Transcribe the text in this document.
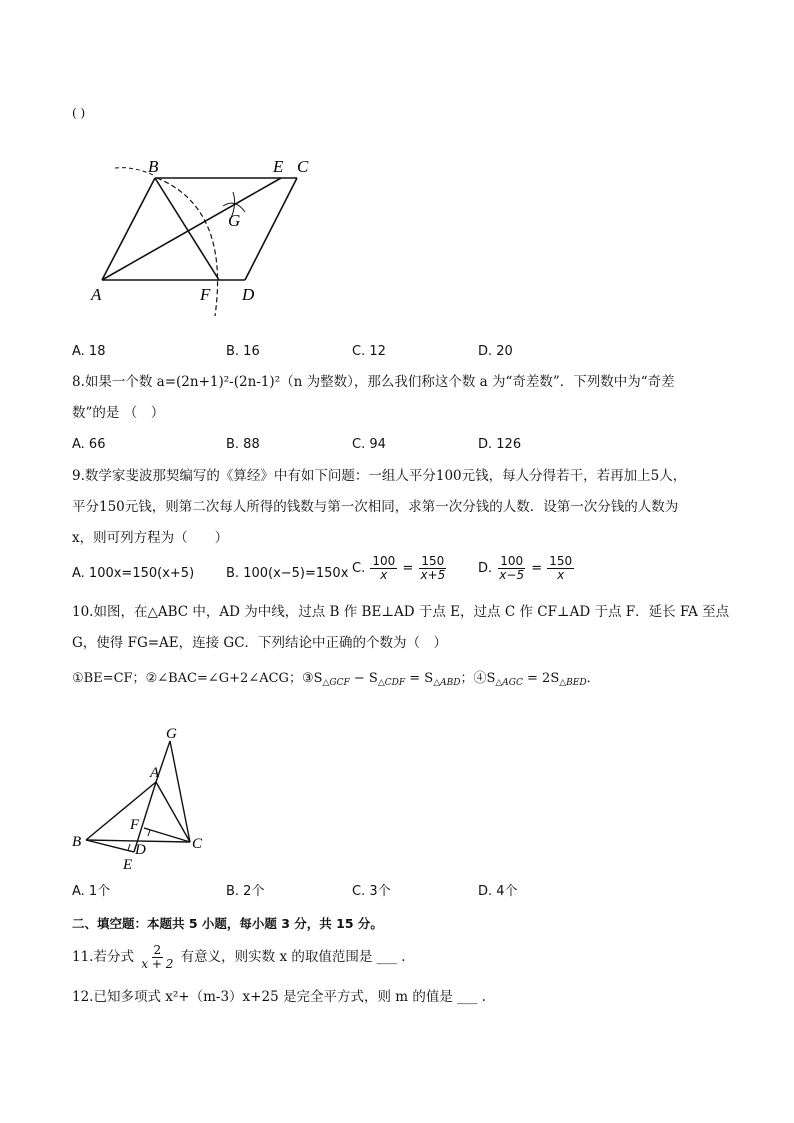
( )
B	E C
G
A	F D
A. 18	B. 16	C. 12	D. 20
8.如果一个数 a=(2n+1)²-(2n-1)²（n 为整数），那么我们称这个数 a 为“奇差数”．下列数中为“奇差
数”的是 （　）
A. 66	B. 88	C. 94	D. 126
9.数学家斐波那契编写的《算经》中有如下问题：一组人平分100元钱，每人分得若干，若再加上5人，
平分150元钱，则第二次每人所得的钱数与第一次相同，求第一次分钱的人数．设第一次分钱的人数为
x，则可列方程为（　　）
A. 100x=150(x+5) B. 100(x−5)=150x C. $\frac{100}{x} = \frac{150}{x+5} D$. $\frac{100}{x-5} = \frac{150}{x}$
10.如图，在△ABC 中，AD 为中线，过点 B 作 BE⊥AD 于点 E，过点 C 作 CF⊥AD 于点 F．延长 FA 至点
G，使得 FG=AE，连接 GC．下列结论中正确的个数为（　）
①BE=CF；②∠BAC=∠G+2∠ACG；$③S_{\triangle GCF} - S_{\triangle CDF} = S_{\triangle ABD}$；$④S_{\triangle AGC} = 2S_{\triangle BED}$．
G
A
F
B	D	C
E
A. 1个	B. 2个	C. 3个	D. 4个
二、填空题：本题共 5 小题，每小题 3 分，共 15 分。
11.若分式 $\frac{2}{x + 2}$ 有意义，则实数 x 的取值范围是 ___ .
12.已知多项式 x²+（m-3）x+25 是完全平方式，则 m 的值是 ___ .
